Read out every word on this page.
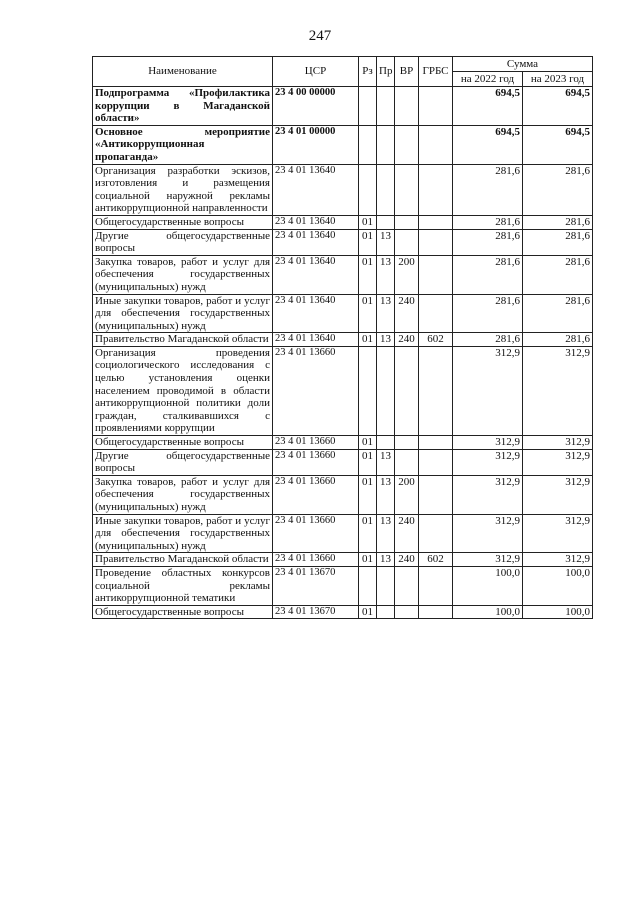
247
Наименование	ЦСР	Рз	Пр	ВР	ГРБС	Сумма	
						на 2022 год	на 2023 год
Подпрограмма «Профилактика коррупции в Магаданской области»	23 4 00 00000					694,5	694,5
Основное мероприятие «Антикоррупционная пропаганда»	23 4 01 00000					694,5	694,5
Организация разработки эскизов, изготовления и размещения социальной наружной рекламы антикоррупционной направленности	23 4 01 13640					281,6	281,6
Общегосударственные вопросы	23 4 01 13640	01				281,6	281,6
Другие общегосударственные вопросы	23 4 01 13640	01	13			281,6	281,6
Закупка товаров, работ и услуг для обеспечения государственных (муниципальных) нужд	23 4 01 13640	01	13	200		281,6	281,6
Иные закупки товаров, работ и услуг для обеспечения государственных (муниципальных) нужд	23 4 01 13640	01	13	240		281,6	281,6
Правительство Магаданской области	23 4 01 13640	01	13	240	602	281,6	281,6
Организация проведения социологического исследования с целью установления оценки населением проводимой в области антикоррупционной политики доли граждан, сталкивавшихся с проявлениями коррупции	23 4 01 13660					312,9	312,9
Общегосударственные вопросы	23 4 01 13660	01				312,9	312,9
Другие общегосударственные вопросы	23 4 01 13660	01	13			312,9	312,9
Закупка товаров, работ и услуг для обеспечения государственных (муниципальных) нужд	23 4 01 13660	01	13	200		312,9	312,9
Иные закупки товаров, работ и услуг для обеспечения государственных (муниципальных) нужд	23 4 01 13660	01	13	240		312,9	312,9
Правительство Магаданской области	23 4 01 13660	01	13	240	602	312,9	312,9
Проведение областных конкурсов социальной рекламы антикоррупционной тематики	23 4 01 13670					100,0	100,0
Общегосударственные вопросы	23 4 01 13670	01				100,0	100,0
